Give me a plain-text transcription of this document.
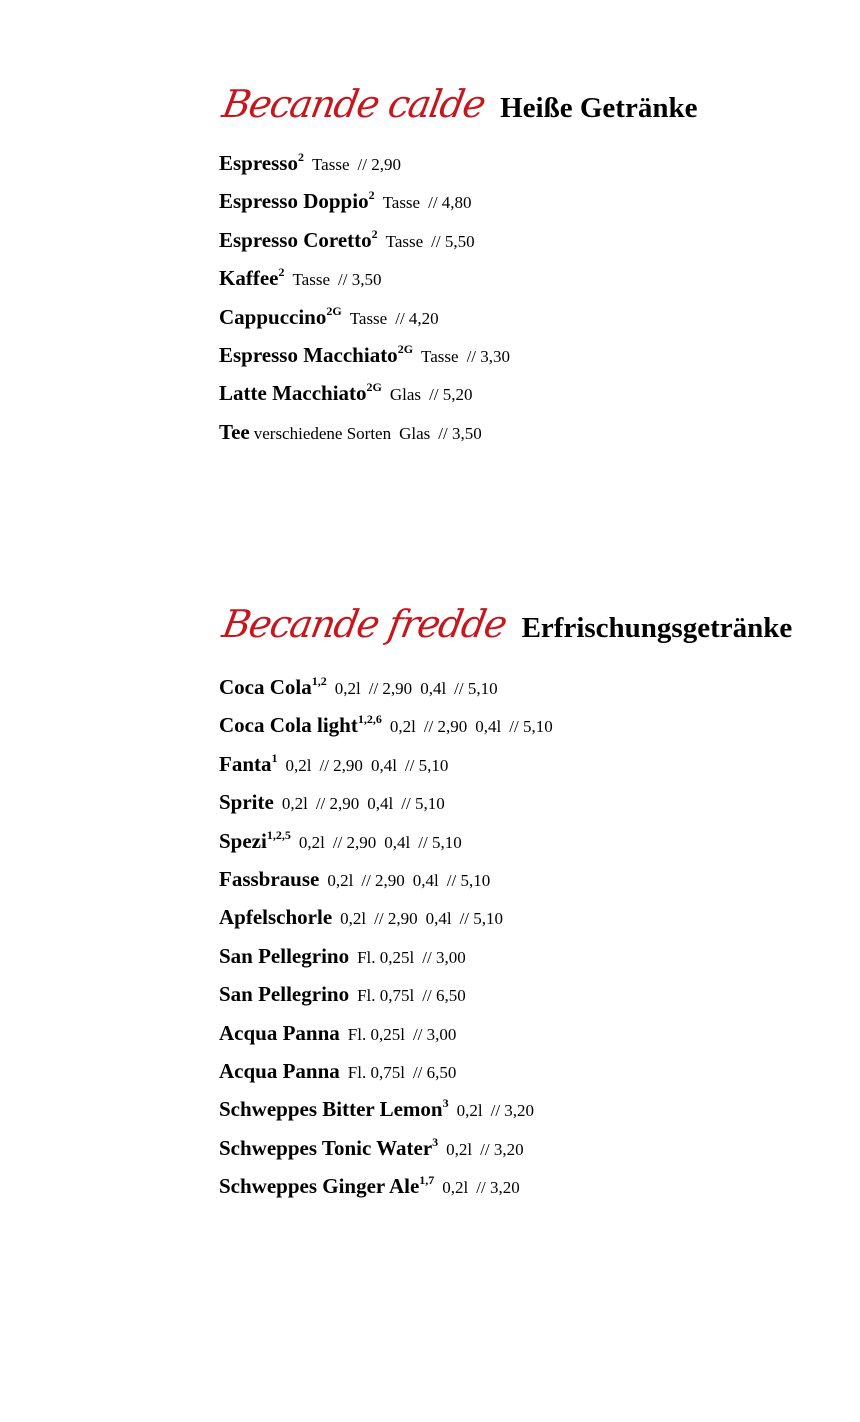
Becande calde Heiße Getränke
Espresso$^2$ Tasse // 2,90
Espresso Doppio$^2$ Tasse // 4,80
Espresso Coretto$^2$ Tasse // 5,50
Kaffee$^2$ Tasse // 3,50
Cappuccino$^{2G}$ Tasse // 4,20
Espresso Macchiato$^{2G}$ Tasse // 3,30
Latte Macchiato$^{2G}$ Glas // 5,20
Tee verschiedene Sorten Glas // 3,50
Becande fredde Erfrischungsgetränke
Coca Cola$^{1,2}$ 0,2l // 2,90 0,4l // 5,10
Coca Cola light$^{1,2,6}$ 0,2l // 2,90 0,4l // 5,10
Fanta$^1$ 0,2l // 2,90 0,4l // 5,10
Sprite 0,2l // 2,90 0,4l // 5,10
Spezi$^{1,2,5}$ 0,2l // 2,90 0,4l // 5,10
Fassbrause 0,2l // 2,90 0,4l // 5,10
Apfelschorle 0,2l // 2,90 0,4l // 5,10
San Pellegrino Fl. 0,25l // 3,00
San Pellegrino Fl. 0,75l // 6,50
Acqua Panna Fl. 0,25l // 3,00
Acqua Panna Fl. 0,75l // 6,50
Schweppes Bitter Lemon$^3$ 0,2l // 3,20
Schweppes Tonic Water$^3$ 0,2l // 3,20
Schweppes Ginger Ale$^{1,7}$ 0,2l // 3,20
